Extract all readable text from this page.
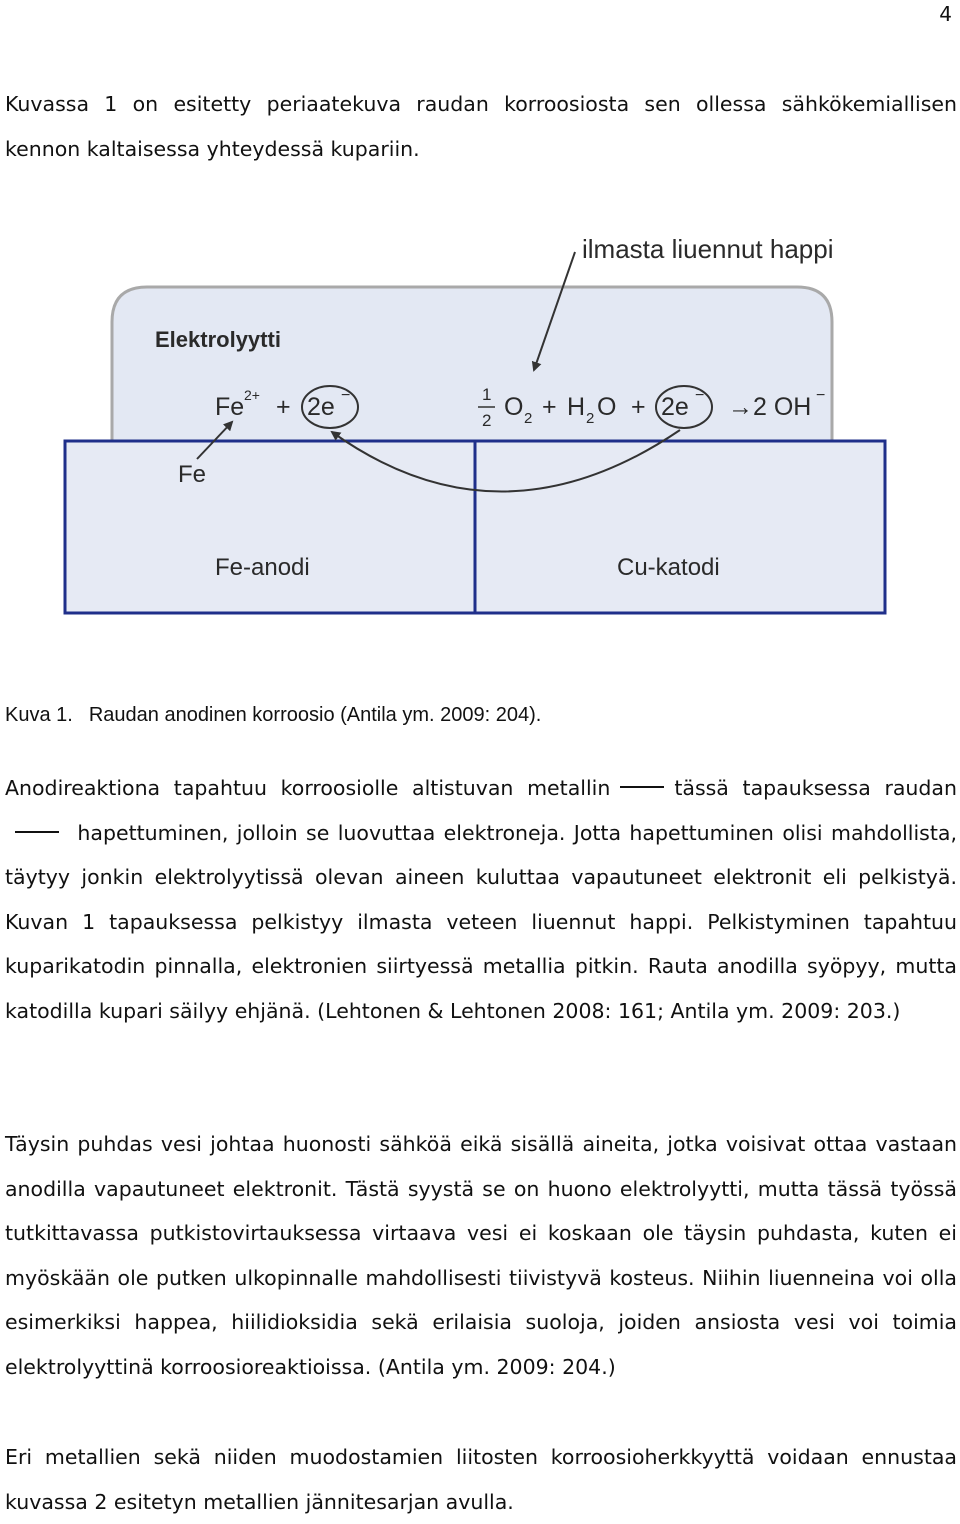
4

Kuvassa 1 on esitetty periaatekuva raudan korroosiosta sen ollessa sähkökemiallisen kennon kaltaisessa yhteydessä kupariin.

ilmasta liuennut happi
Elektrolyytti
Fe 2+ + 2e −	1
2 O 2 + H 2 O + 2e − →2 OH −
Fe
Fe-anodi	Cu-katodi
Kuva 1. Raudan anodinen korroosio (Antila ym. 2009: 204).

Anodireaktiona tapahtuu korroosiolle altistuvan metallin	tässä tapauksessa raudan hapettuminen, jolloin se luovuttaa elektroneja. Jotta hapettuminen olisi mahdollista, täytyy jonkin elektrolyytissä olevan aineen kuluttaa vapautuneet elektronit eli pelkistyä. Kuvan 1 tapauksessa pelkistyy ilmasta veteen liuennut happi. Pelkistyminen tapahtuu kuparikatodin pinnalla, elektronien siirtyessä metallia pitkin. Rauta anodilla syöpyy, mutta katodilla kupari säilyy ehjänä. (Lehtonen & Lehtonen 2008: 161; Antila ym. 2009: 203.)

Täysin puhdas vesi johtaa huonosti sähköä eikä sisällä aineita, jotka voisivat ottaa vastaan anodilla vapautuneet elektronit. Tästä syystä se on huono elektrolyytti, mutta tässä työssä tutkittavassa putkistovirtauksessa virtaava vesi ei koskaan ole täysin puhdasta, kuten ei myöskään ole putken ulkopinnalle mahdollisesti tiivistyvä kosteus. Niihin liuenneina voi olla esimerkiksi happea, hiilidioksidia sekä erilaisia suoloja, joiden ansiosta vesi voi toimia elektrolyyttinä korroosioreaktioissa. (Antila ym. 2009: 204.)

Eri metallien sekä niiden muodostamien liitosten korroosioherkkyyttä voidaan ennustaa kuvassa 2 esitetyn metallien jännitesarjan avulla.
